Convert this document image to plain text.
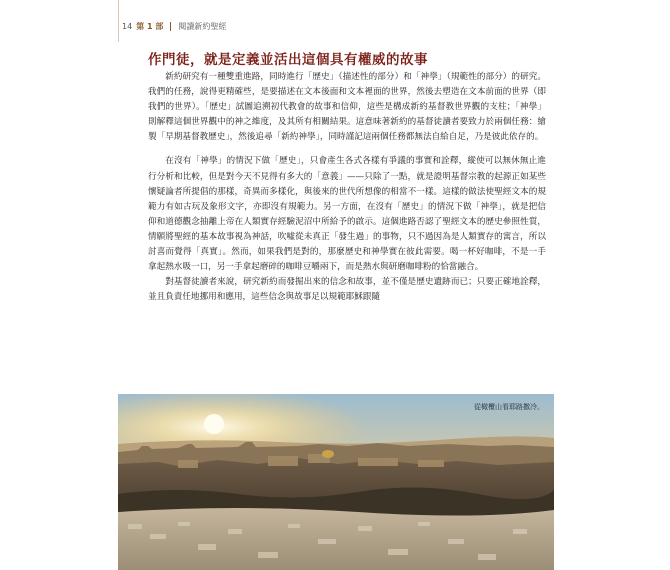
14 第 1 部 閱讀新約聖經
作門徒，就是定義並活出這個具有權威的故事

新約研究有一種雙重進路，同時進行「歷史」（描述性的部分）和「神學」（規範性的部分）的研究。我們的任務，說得更精確些，是要描述在文本後面和文本裡面的世界，然後去塑造在文本前面的世界（即我們的世界）。「歷史」試圖追溯初代教會的故事和信仰，這些是構成新約基督教世界觀的支柱；「神學」則解釋這個世界觀中的神之維度，及其所有相關結果。這意味著新約的基督徒讀者要致力於兩個任務：繪製「早期基督教歷史」，然後追尋「新約神學」，同時謹記這兩個任務都無法自給自足，乃是彼此依存的。

在沒有「神學」的情況下做「歷史」，只會產生各式各樣有爭議的事實和詮釋，縱使可以無休無止進行分析和比較，但是對今天不見得有多大的「意義」——只除了一點，就是證明基督宗教的起源正如某些懷疑論者所提倡的那樣，奇異而多樣化，與後來的世代所想像的相當不一樣。這樣的做法使聖經文本的規範力有如古玩及象形文字，亦即沒有規範力。另一方面，在沒有「歷史」的情況下做「神學」，就是把信仰和道德觀念抽離上帝在人類實存經驗泥沼中所給予的啟示。這個進路否認了聖經文本的歷史參照性質，情願將聖經的基本故事視為神話，吹噓從未真正「發生過」的事物，只不過因為是人類實存的寓言，所以討喜而覺得「真實」。然而，如果我們是對的，那麼歷史和神學實在彼此需要。喝一杯好咖啡，不是一手拿起熱水吸一口，另一手拿起磨碎的咖啡豆嚼兩下，而是熱水與研磨咖啡粉的恰當融合。

對基督徒讀者來說，研究新約而發掘出來的信念和故事，並不僅是歷史遺跡而已；只要正確地詮釋，並且負責任地挪用和應用，這些信念與故事足以規範耶穌跟隨

從橄欖山看耶路撒冷。
